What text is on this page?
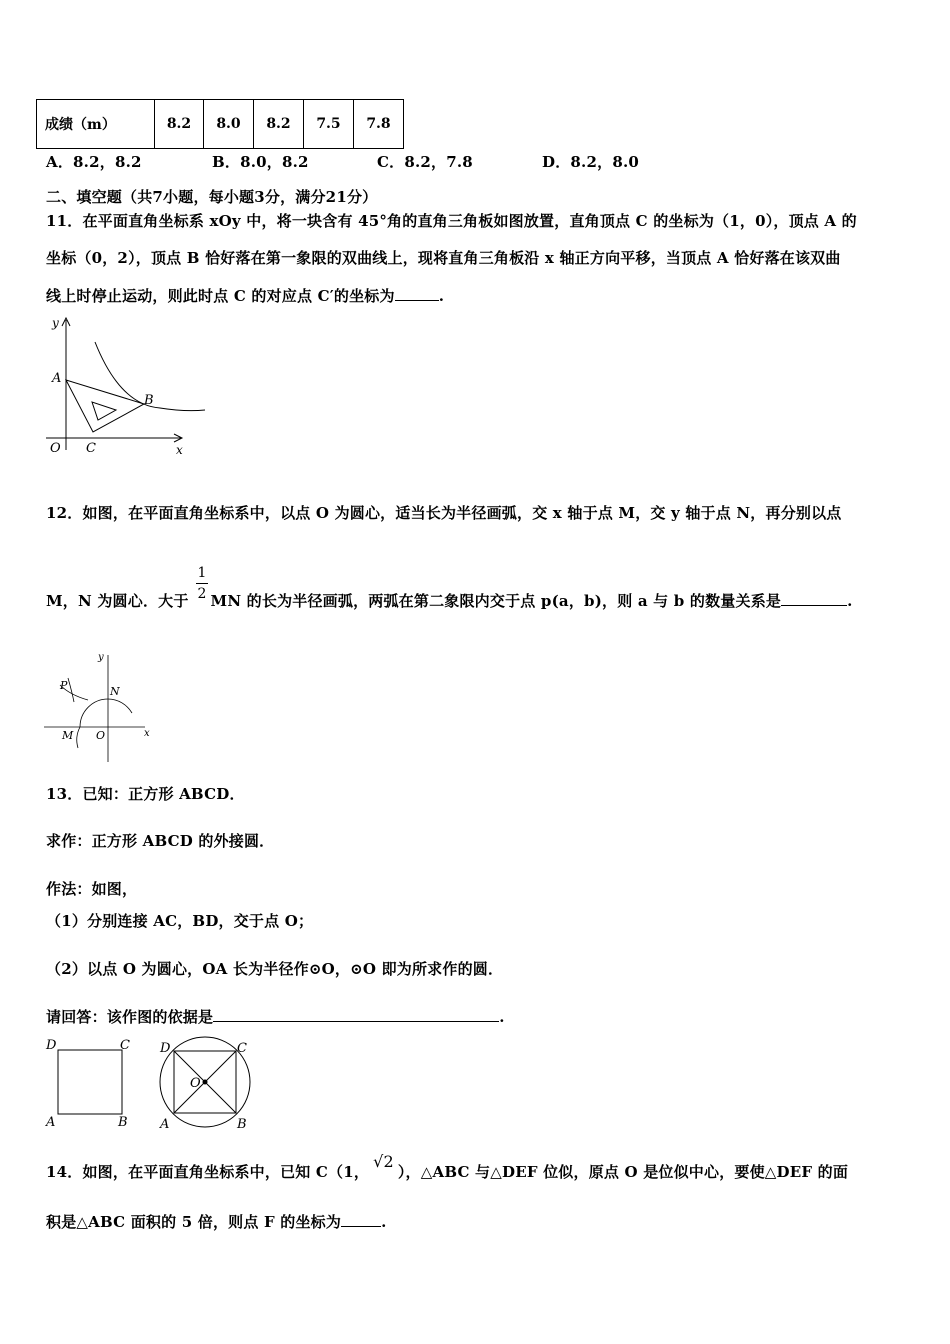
成绩（m）	8.2	8.0	8.2	7.5	7.8
A．8.2，8.2	B．8.0，8.2	C．8.2，7.8	D．8.2，8.0
二、填空题（共7小题，每小题3分，满分21分）
11．在平面直角坐标系 xOy 中，将一块含有 45°角的直角三角板如图放置，直角顶点 C 的坐标为（1，0），顶点 A 的
坐标（0，2），顶点 B 恰好落在第一象限的双曲线上，现将直角三角板沿 x 轴正方向平移，当顶点 A 恰好落在该双曲
线上时停止运动，则此时点 C 的对应点 C′的坐标为	.
y
A
B
O C	x
12．如图，在平面直角坐标系中，以点 O 为圆心，适当长为半径画弧，交 x 轴于点 M，交 y 轴于点 N，再分别以点
M，N 为圆心．大于 MN 的长为半径画弧，两弧在第二象限内交于点 p(a，b)，则 a 与 b 的数量关系是	.
1
2
P
y
N
M O	x
13．已知：正方形 ABCD．
求作：正方形 ABCD 的外接圆．
作法：如图，
（1）分别连接 AC，BD，交于点 O；
（2）以点 O 为圆心，OA 长为半径作⊙O，⊙O 即为所求作的圆．
请回答：该作图的依据是	.
D	C
A	B
D	C
O
A	B
14．如图，在平面直角坐标系中，已知 C（1，√2），△ABC 与△DEF 位似，原点 O 是位似中心，要使△DEF 的面
积是△ABC 面积的 5 倍，则点 F 的坐标为	.
